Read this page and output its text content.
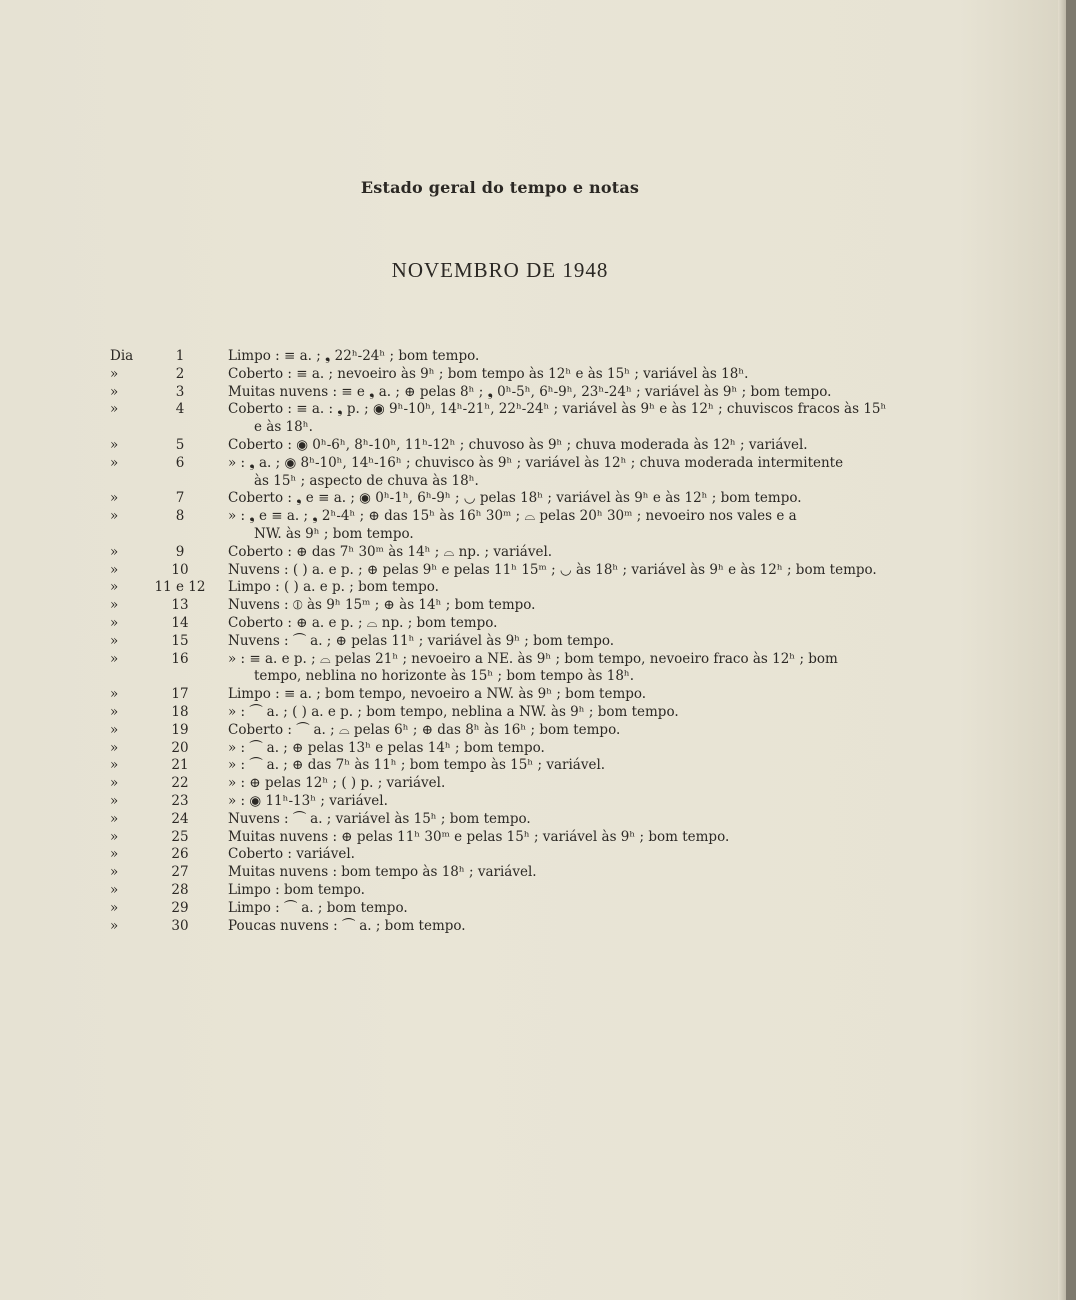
Estado geral do tempo e notas
NOVEMBRO DE 1948
Dia	1	Limpo : ≡ a. ; ❟ 22ʰ-24ʰ ; bom tempo.
»	2	Coberto : ≡ a. ; nevoeiro às 9ʰ ; bom tempo às 12ʰ e às 15ʰ ; variável às 18ʰ.
»	3	Muitas nuvens : ≡ e ❟ a. ; ⊕ pelas 8ʰ ; ❟ 0ʰ-5ʰ, 6ʰ-9ʰ, 23ʰ-24ʰ ; variável às 9ʰ ; bom tempo.
»	4	Coberto : ≡ a. : ❟ p. ; ◉ 9ʰ-10ʰ, 14ʰ-21ʰ, 22ʰ-24ʰ ; variável às 9ʰ e às 12ʰ ; chuviscos fracos às 15ʰ
e às 18ʰ.
»	5	Coberto : ◉ 0ʰ-6ʰ, 8ʰ-10ʰ, 11ʰ-12ʰ ; chuvoso às 9ʰ ; chuva moderada às 12ʰ ; variável.
»	6	» : ❟ a. ; ◉ 8ʰ-10ʰ, 14ʰ-16ʰ ; chuvisco às 9ʰ ; variável às 12ʰ ; chuva moderada intermitente
às 15ʰ ; aspecto de chuva às 18ʰ.
»	7	Coberto : ❟ e ≡ a. ; ◉ 0ʰ-1ʰ, 6ʰ-9ʰ ; ◡ pelas 18ʰ ; variável às 9ʰ e às 12ʰ ; bom tempo.
»	8	» : ❟ e ≡ a. ; ❟ 2ʰ-4ʰ ; ⊕ das 15ʰ às 16ʰ 30ᵐ ; ⌓ pelas 20ʰ 30ᵐ ; nevoeiro nos vales e a
NW. às 9ʰ ; bom tempo.
»	9	Coberto : ⊕ das 7ʰ 30ᵐ às 14ʰ ; ⌓ np. ; variável.
»	10	Nuvens : ( ) a. e p. ; ⊕ pelas 9ʰ e pelas 11ʰ 15ᵐ ; ◡ às 18ʰ ; variável às 9ʰ e às 12ʰ ; bom tempo.
»	11 e 12	Limpo : ( ) a. e p. ; bom tempo.
»	13	Nuvens : ⦶ às 9ʰ 15ᵐ ; ⊕ às 14ʰ ; bom tempo.
»	14	Coberto : ⊕ a. e p. ; ⌓ np. ; bom tempo.
»	15	Nuvens : ⏜ a. ; ⊕ pelas 11ʰ ; variável às 9ʰ ; bom tempo.
»	16	» : ≡ a. e p. ; ⌓ pelas 21ʰ ; nevoeiro a NE. às 9ʰ ; bom tempo, nevoeiro fraco às 12ʰ ; bom
tempo, neblina no horizonte às 15ʰ ; bom tempo às 18ʰ.
»	17	Limpo : ≡ a. ; bom tempo, nevoeiro a NW. às 9ʰ ; bom tempo.
»	18	» : ⏜ a. ; ( ) a. e p. ; bom tempo, neblina a NW. às 9ʰ ; bom tempo.
»	19	Coberto : ⏜ a. ; ⌓ pelas 6ʰ ; ⊕ das 8ʰ às 16ʰ ; bom tempo.
»	20	» : ⏜ a. ; ⊕ pelas 13ʰ e pelas 14ʰ ; bom tempo.
»	21	» : ⏜ a. ; ⊕ das 7ʰ às 11ʰ ; bom tempo às 15ʰ ; variável.
»	22	» : ⊕ pelas 12ʰ ; ( ) p. ; variável.
»	23	» : ◉ 11ʰ-13ʰ ; variável.
»	24	Nuvens : ⏜ a. ; variável às 15ʰ ; bom tempo.
»	25	Muitas nuvens : ⊕ pelas 11ʰ 30ᵐ e pelas 15ʰ ; variável às 9ʰ ; bom tempo.
»	26	Coberto : variável.
»	27	Muitas nuvens : bom tempo às 18ʰ ; variável.
»	28	Limpo : bom tempo.
»	29	Limpo : ⏜ a. ; bom tempo.
»	30	Poucas nuvens : ⏜ a. ; bom tempo.
